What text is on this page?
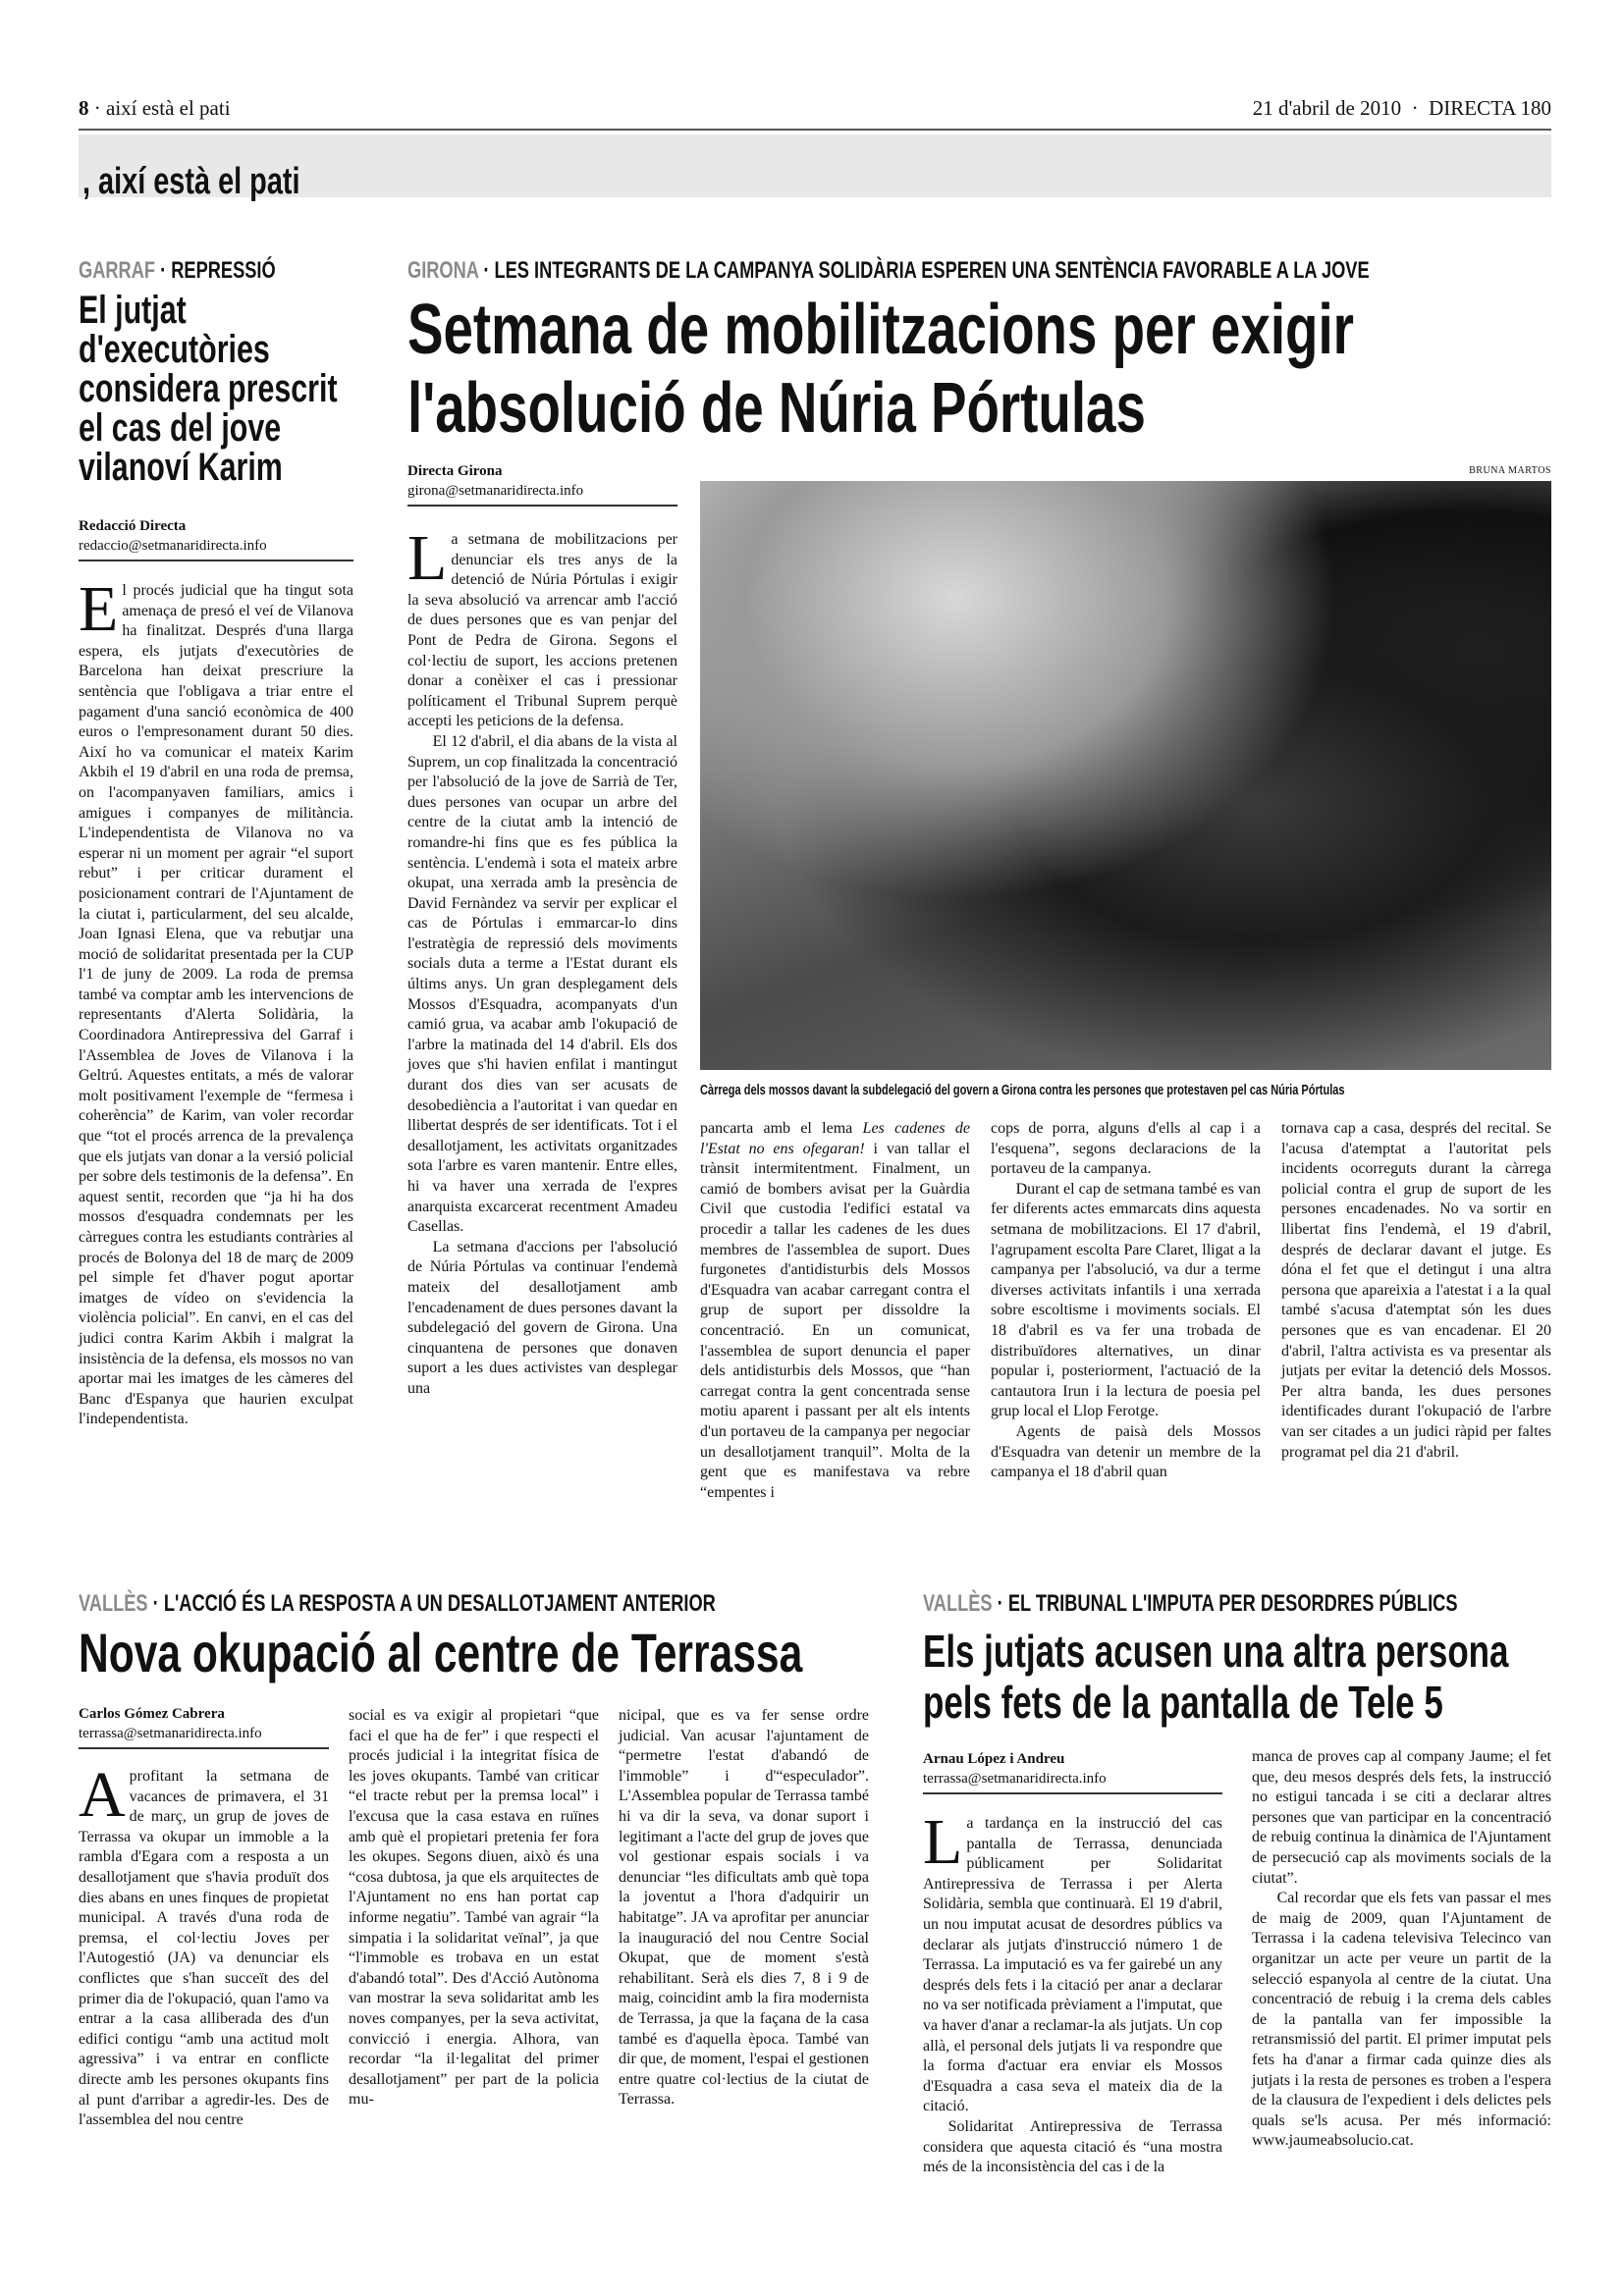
8 · així està el pati	21 d'abril de 2010 · DIRECTA 180
, així està el pati
GARRAF · REPRESSIÓ
El jutjat d'executòries considera prescrit el cas del jove vilanoví Karim
Redacció Directa
redaccio@setmanaridirecta.info

El procés judicial que ha tingut sota amenaça de presó el veí de Vilanova ha finalitzat. Després d'una llarga espera, els jutjats d'executòries de Barcelona han deixat prescriure la sentència que l'obligava a triar entre el pagament d'una sanció econòmica de 400 euros o l'empresonament durant 50 dies. Així ho va comunicar el mateix Karim Akbih el 19 d'abril en una roda de premsa, on l'acompanyaven familiars, amics i amigues i companyes de militància. L'independentista de Vilanova no va esperar ni un moment per agrair “el suport rebut” i per criticar durament el posicionament contrari de l'Ajuntament de la ciutat i, particularment, del seu alcalde, Joan Ignasi Elena, que va rebutjar una moció de solidaritat presentada per la CUP l'1 de juny de 2009. La roda de premsa també va comptar amb les intervencions de representants d'Alerta Solidària, la Coordinadora Antirepressiva del Garraf i l'Assemblea de Joves de Vilanova i la Geltrú. Aquestes entitats, a més de valorar molt positivament l'exemple de “fermesa i coherència” de Karim, van voler recordar que “tot el procés arrenca de la prevalença que els jutjats van donar a la versió policial per sobre dels testimonis de la defensa”. En aquest sentit, recorden que “ja hi ha dos mossos d'esquadra condemnats per les càrregues contra les estudiants contràries al procés de Bolonya del 18 de març de 2009 pel simple fet d'haver pogut aportar imatges de vídeo on s'evidencia la violència policial”. En canvi, en el cas del judici contra Karim Akbih i malgrat la insistència de la defensa, els mossos no van aportar mai les imatges de les càmeres del Banc d'Espanya que haurien exculpat l'independentista.

GIRONA · LES INTEGRANTS DE LA CAMPANYA SOLIDÀRIA ESPEREN UNA SENTÈNCIA FAVORABLE A LA JOVE
Setmana de mobilitzacions per exigir
l'absolució de Núria Pórtulas
Directa Girona
girona@setmanaridirecta.info
BRUNA MARTOS
Càrrega dels mossos davant la subdelegació del govern a Girona contra les persones que protestaven pel cas Núria Pórtulas

La setmana de mobilitzacions per denunciar els tres anys de la detenció de Núria Pórtulas i exigir la seva absolució va arrencar amb l'acció de dues persones que es van penjar del Pont de Pedra de Girona. Segons el col·lectiu de suport, les accions pretenen donar a conèixer el cas i pressionar políticament el Tribunal Suprem perquè accepti les peticions de la defensa.

El 12 d'abril, el dia abans de la vista al Suprem, un cop finalitzada la concentració per l'absolució de la jove de Sarrià de Ter, dues persones van ocupar un arbre del centre de la ciutat amb la intenció de romandre-hi fins que es fes pública la sentència. L'endemà i sota el mateix arbre okupat, una xerrada amb la presència de David Fernàndez va servir per explicar el cas de Pórtulas i emmarcar-lo dins l'estratègia de repressió dels moviments socials duta a terme a l'Estat durant els últims anys. Un gran desplegament dels Mossos d'Esquadra, acompanyats d'un camió grua, va acabar amb l'okupació de l'arbre la matinada del 14 d'abril. Els dos joves que s'hi havien enfilat i mantingut durant dos dies van ser acusats de desobediència a l'autoritat i van quedar en llibertat després de ser identificats. Tot i el desallotjament, les activitats organitzades sota l'arbre es varen mantenir. Entre elles, hi va haver una xerrada de l'expres anarquista excarcerat recentment Amadeu Casellas.

La setmana d'accions per l'absolució de Núria Pórtulas va continuar l'endemà mateix del desallotjament amb l'encadenament de dues persones davant la subdelegació del govern de Girona. Una cinquantena de persones que donaven suport a les dues activistes van desplegar una

pancarta amb el lema Les cadenes de l'Estat no ens ofegaran! i van tallar el trànsit intermitentment. Finalment, un camió de bombers avisat per la Guàrdia Civil que custodia l'edifici estatal va procedir a tallar les cadenes de les dues membres de l'assemblea de suport. Dues furgonetes d'antidisturbis dels Mossos d'Esquadra van acabar carregant contra el grup de suport per dissoldre la concentració. En un comunicat, l'assemblea de suport denuncia el paper dels antidisturbis dels Mossos, que “han carregat contra la gent concentrada sense motiu aparent i passant per alt els intents d'un portaveu de la campanya per negociar un desallotjament tranquil”. Molta de la gent que es manifestava va rebre “empentes i

cops de porra, alguns d'ells al cap i a l'esquena”, segons declaracions de la portaveu de la campanya.

Durant el cap de setmana també es van fer diferents actes emmarcats dins aquesta setmana de mobilitzacions. El 17 d'abril, l'agrupament escolta Pare Claret, lligat a la campanya per l'absolució, va dur a terme diverses activitats infantils i una xerrada sobre escoltisme i moviments socials. El 18 d'abril es va fer una trobada de distribuïdores alternatives, un dinar popular i, posteriorment, l'actuació de la cantautora Irun i la lectura de poesia pel grup local el Llop Ferotge.

Agents de paisà dels Mossos d'Esquadra van detenir un membre de la campanya el 18 d'abril quan

tornava cap a casa, després del recital. Se l'acusa d'atemptat a l'autoritat pels incidents ocorreguts durant la càrrega policial contra el grup de suport de les persones encadenades. No va sortir en llibertat fins l'endemà, el 19 d'abril, després de declarar davant el jutge. Es dóna el fet que el detingut i una altra persona que apareixia a l'atestat i a la qual també s'acusa d'atemptat són les dues persones que es van encadenar. El 20 d'abril, l'altra activista es va presentar als jutjats per evitar la detenció dels Mossos. Per altra banda, les dues persones identificades durant l'okupació de l'arbre van ser citades a un judici ràpid per faltes programat pel dia 21 d'abril.

VALLÈS · L'ACCIÓ ÉS LA RESPOSTA A UN DESALLOTJAMENT ANTERIOR
Nova okupació al centre de Terrassa
Carlos Gómez Cabrera
terrassa@setmanaridirecta.info

Aprofitant la setmana de vacances de primavera, el 31 de març, un grup de joves de Terrassa va okupar un immoble a la rambla d'Egara com a resposta a un desallotjament que s'havia produït dos dies abans en unes finques de propietat municipal. A través d'una roda de premsa, el col·lectiu Joves per l'Autogestió (JA) va denunciar els conflictes que s'han succeït des del primer dia de l'okupació, quan l'amo va entrar a la casa alliberada des d'un edifici contigu “amb una actitud molt agressiva” i va entrar en conflicte directe amb les persones okupants fins al punt d'arribar a agredir-les. Des de l'assemblea del nou centre

social es va exigir al propietari “que faci el que ha de fer” i que respecti el procés judicial i la integritat física de les joves okupants. També van criticar “el tracte rebut per la premsa local” i l'excusa que la casa estava en ruïnes amb què el propietari pretenia fer fora les okupes. Segons diuen, això és una “cosa dubtosa, ja que els arquitectes de l'Ajuntament no ens han portat cap informe negatiu”. També van agrair “la simpatia i la solidaritat veïnal”, ja que “l'immoble es trobava en un estat d'abandó total”. Des d'Acció Autònoma van mostrar la seva solidaritat amb les noves companyes, per la seva activitat, convicció i energia. Alhora, van recordar “la il·legalitat del primer desallotjament” per part de la policia mu-

nicipal, que es va fer sense ordre judicial. Van acusar l'ajuntament de “permetre l'estat d'abandó de l'immoble” i d'“especulador”. L'Assemblea popular de Terrassa també hi va dir la seva, va donar suport i legitimant a l'acte del grup de joves que vol gestionar espais socials i va denunciar “les dificultats amb què topa la joventut a l'hora d'adquirir un habitatge”. JA va aprofitar per anunciar la inauguració del nou Centre Social Okupat, que de moment s'està rehabilitant. Serà els dies 7, 8 i 9 de maig, coincidint amb la fira modernista de Terrassa, ja que la façana de la casa també es d'aquella època. També van dir que, de moment, l'espai el gestionen entre quatre col·lectius de la ciutat de Terrassa.

VALLÈS · EL TRIBUNAL L'IMPUTA PER DESORDRES PÚBLICS
Els jutjats acusen una altra persona pels fets de la pantalla de Tele 5
Arnau López i Andreu
terrassa@setmanaridirecta.info

La tardança en la instrucció del cas pantalla de Terrassa, denunciada públicament per Solidaritat Antirepressiva de Terrassa i per Alerta Solidària, sembla que continuarà. El 19 d'abril, un nou imputat acusat de desordres públics va declarar als jutjats d'instrucció número 1 de Terrassa. La imputació es va fer gairebé un any després dels fets i la citació per anar a declarar no va ser notificada prèviament a l'imputat, que va haver d'anar a reclamar-la als jutjats. Un cop allà, el personal dels jutjats li va respondre que la forma d'actuar era enviar els Mossos d'Esquadra a casa seva el mateix dia de la citació.

Solidaritat Antirepressiva de Terrassa considera que aquesta citació és “una mostra més de la inconsistència del cas i de la

manca de proves cap al company Jaume; el fet que, deu mesos després dels fets, la instrucció no estigui tancada i se citi a declarar altres persones que van participar en la concentració de rebuig continua la dinàmica de l'Ajuntament de persecució cap als moviments socials de la ciutat”.

Cal recordar que els fets van passar el mes de maig de 2009, quan l'Ajuntament de Terrassa i la cadena televisiva Telecinco van organitzar un acte per veure un partit de la selecció espanyola al centre de la ciutat. Una concentració de rebuig i la crema dels cables de la pantalla van fer impossible la retransmissió del partit. El primer imputat pels fets ha d'anar a firmar cada quinze dies als jutjats i la resta de persones es troben a l'espera de la clausura de l'expedient i dels delictes pels quals se'ls acusa. Per més informació: www.jaumeabsolucio.cat.
